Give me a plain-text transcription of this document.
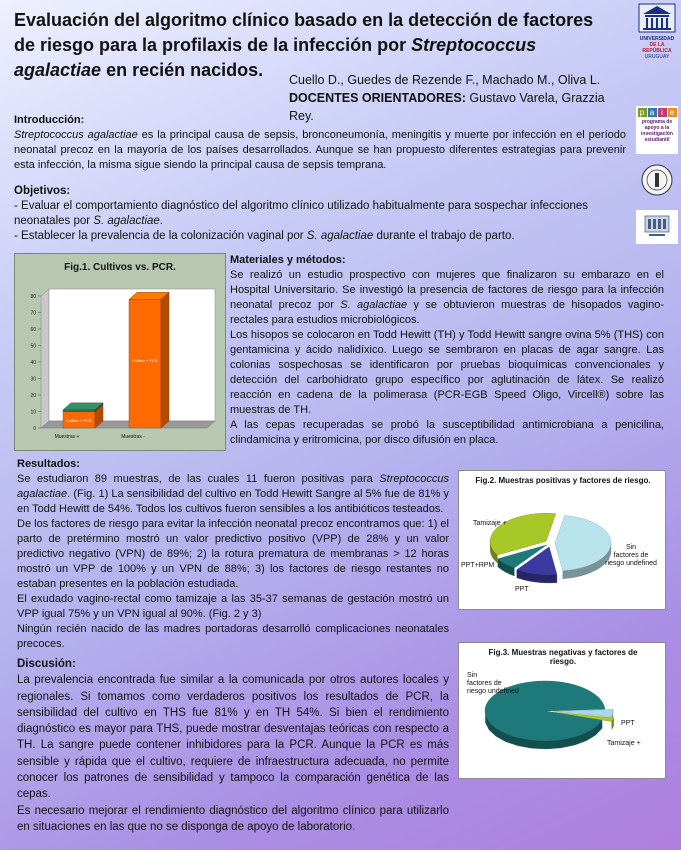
Evaluación del algoritmo clínico basado en la detección de factores de riesgo para la profilaxis de la infección por Streptococcus agalactiae en recién nacidos.	Cuello D., Guedes de Rezende F., Machado M., Oliva L.
DOCENTES ORIENTADORES: Gustavo Varela, Grazzia Rey.
UNIVERSIDAD
DE LA REPÚBLICA
URUGUAY
p a i e
programa de apoyo a la investigación estudiantil
Introducción:
Streptococcus agalactiae es la principal causa de sepsis, bronconeumonía, meningitis y muerte por infección en el período neonatal precoz en la mayoría de los países desarrollados. Aunque se han propuesto diferentes estrategias para prevenir esta infección, la misma sigue siendo la principal causa de sepsis temprana.
Objetivos:
- Evaluar el comportamiento diagnóstico del algoritmo clínico utilizado habitualmente para sospechar infecciones neonatales por S. agalactiae.
- Establecer la prevalencia de la colonización vaginal por S. agalactiae durante el trabajo de parto.
Fig.1. Cultivos vs. PCR.
0
10
20
30
40
50
60
70
80
Cultivo + PCR
Muestras +
Cultivo + PCR
Muestras -
Materiales y métodos:
Se realizó un estudio prospectivo con mujeres que finalizaron su embarazo en el Hospital Universitario. Se investigó la presencia de factores de riesgo para la infección neonatal precoz por S. agalactiae y se obtuvieron muestras de hisopados vagino-rectales para estudios microbiológicos.
Los hisopos se colocaron en Todd Hewitt (TH) y Todd Hewitt sangre ovina 5% (THS) con gentamicina y ácido nalidíxico. Luego se sembraron en placas de agar sangre. Las colonias sospechosas se identificaron por pruebas bioquímicas convencionales y detección del carbohidrato grupo específico por aglutinación de látex. Se realizó reacción en cadena de la polimerasa (PCR-EGB Speed Oligo, Vircell®) sobre las muestras de TH.
A las cepas recuperadas se probó la susceptibilidad antimicrobiana a penicilina, clindamicina y eritromicina, por disco difusión en placa.
Resultados:
Se estudiaron 89 muestras, de las cuales 11 fueron positivas para Streptococcus agalactiae. (Fig. 1) La sensibilidad del cultivo en Todd Hewitt Sangre al 5% fue de 81% y en Todd Hewitt de 54%. Todos los cultivos fueron sensibles a los antibióticos testeados.
De los factores de riesgo para evitar la infección neonatal precoz encontramos que: 1) el parto de pretérmino mostró un valor predictivo positivo (VPP) de 28% y un valor predictivo negativo (VPN) de 89%; 2) la rotura prematura de membranas > 12 horas mostró un VPP de 100% y un VPN de 88%; 3) los factores de riesgo restantes no estaban presentes en la población estudiada.
El exudado vagino-rectal como tamizaje a las 35-37 semanas de gestación mostró un VPP igual 75% y un VPN igual al 90%. (Fig. 2 y 3)
Ningún recién nacido de las madres portadoras desarrolló complicaciones neonatales precoces.
Fig.2. Muestras positivas y factores de riesgo.
Sin factores de riesgo undefined
PPT
PPT+RPM
Tamizaje +
Fig.3. Muestras negativas y factores de riesgo.
Sin factores de riesgo undefined
PPT
Tamizaje +
Discusión:
La prevalencia encontrada fue similar a la comunicada por otros autores locales y regionales. Si tomamos como verdaderos positivos los resultados de PCR, la sensibilidad del cultivo en THS fue 81% y en TH 54%. Si bien el rendimiento diagnóstico es mayor para THS, puede mostrar desventajas teóricas con respecto a TH. La sangre puede contener inhibidores para la PCR. Aunque la PCR es más sensible y rápida que el cultivo, requiere de infraestructura adecuada, no permite conocer los patrones de sensibilidad y tampoco la comparación genética de las cepas.
Es necesario mejorar el rendimiento diagnóstico del algoritmo clínico para utilizarlo en situaciones en las que no se disponga de apoyo de laboratorio.
